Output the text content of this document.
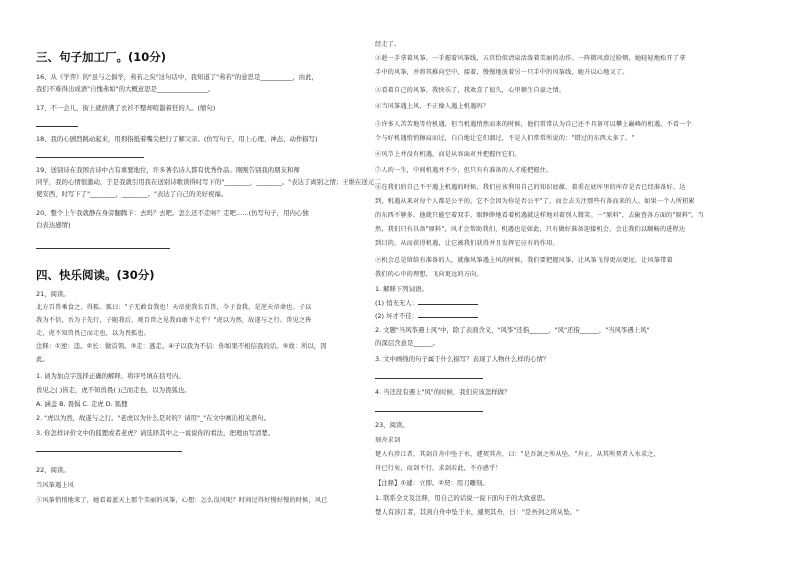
三、句子加工厂。(10分)
16、从《学弈》的"虽与之俱学，弗若之矣"这句话中，我知道了"弗若"的意思是__________，由此，
我们不难得出成语"自愧弗如"的大概意思是________________。
17、不一会儿，街上就挤满了衣衫不整却喧嚣着狂的人。(缩句)
18、我的心剧烈跳动起来，用拇指抵着嘴尖把行了解父亲。(仿写句子，用上心理、神态、动作描写)
19、送别诗在我国古诗中占有重要地位，许多著名诗人都有优秀作品。刚刚告别我的朋友和师
同学，我的心情很激动，于是我就引用我在送别诗歌读得时写下的"________，________。"表达了离别之情；王维在送元二
使安西，时写下了"________，________。"表达了自己的美好祝福。
20、整个上午我就静在身旁翻腾下：去吗？去吧。怎么还不走呀？走吧……(仿写句子，用内心独
白表达感情)
四、快乐阅读。(30分)
21、阅读。
北方百兽乘食之，得狐。狐曰："子无敢食我也！天帝使我长百兽，今子食我，是逆天帝命也。子以
我为不信，吾为子先行，子随我后，观百兽之见我而敢不走乎？"虎以为然，故遂与之行。兽见之皆
走，虎不知兽畏己而走也，以为畏狐也。
注释：①逆：违。②长：做首领。③走：逃走。④子以我为不信：你如果不相信我的话。⑤故：所以，因
此。
1. 请为加点字选择正确的解释，将序号填在括号内。
兽见之( )皆走，虎不知兽畏( )己而走也，以为畏狐也。
A. 涵盖 B. 畏惧 C. 走虎 D. 狐狸
2. "虎以为然，故遂与之行。"老虎以为什么是对的？请用"_"在文中画出相关语句。
3. 你怎样评价文中的狐狸或者老虎？请选择其中之一说说你的看法，把理由写清楚。
22、阅读。
当风筝遇上风
①风筝悄悄地来了，她看着蓝天上那个美丽的风筝，心想：怎么没风呢？时间过得好慢好慢的时候，风已
经走了。
②趁一手拿着风筝，一手握着风筝线，五官恰似清泉活泼着美丽的动作。一阵微风滑过脸颊，她轻轻地松开了拿
手中的风筝，并将其推向空中，接着，慢慢地放着另一只手中的风筝线，她升以心地又了。
③看着自己的风筝，我快乐了，我欢喜了很久，心里顿生自豪之情。
④当风筝遇上风，不正像人遇上机遇吗？
⑤许多人苦苦地等待机遇，但当机遇悄然而来的时候，他们常常认为自己还不具备可以攀上巅峰的机遇，不看一个
个与好机遇悄悄擦肩而过，白白地让它们溜过，不是人们常常所说的："错过的东西太多了。"
⑥风节上并没有机遇，而是从容面对并把握住它们。
⑦人的一生，中间机遇并不少，但只有有准备的人才能把握住。
⑧在我们的自己不平遇上机遇的时候，我们应该利用自己的知识底蕴，着重在底库里的库存是否已经准备好。达
到，机遇从来对每个人都是公平的，它不会因为你是否公平"了，而会去关注那些有备而来的人。如果一个人所积累
的东西不够多，他就只能空着双手，眼睁睁地看着机遇就这样地对着别人微笑。一"原料"，去偷查各方面的"原料"。当
然，我们只有具备"原料"，风才会帮助我们，机遇也是如此，只有做好准备迎接机会，会让我们以顺畅的进程达
到目的，从而获得机遇，让它被我们获得并且发挥它应有的作用。
⑨机会总是留给有准备的人，就像风筝遇上风的时候，我们要把握风筝，让风筝飞得更高更远，让风筝带着
我们的心中的理想，飞向更远的方向。
1. 解释下列词语。
(1) 悄无无人：
(2) 坏才不佳：
2. 文题"当风筝遇上风"中，除了表面含义，"风筝"还指______，"风"还指______，"当风筝遇上风"
的深层含意是______。
3. 文中画线的句子属于什么描写？表现了人物什么样的心情？
4. 当还没有遇上"风"的时候，我们应该怎样做？
23、阅读。
刻舟求剑
楚人有涉江者，其剑自舟中坠于水，遽契其舟，曰："是吾剑之所从坠。"舟止，从其所契者入水求之，
舟已行矣，而剑不行，求剑若此，不亦惑乎！
【注释】①遽：立即。②契：用刀雕刻。
1. 联系全文及注释，用自己的话说一说下面句子的大致意思。
楚人有涉江者，其剑自舟中坠于水，遽契其舟，曰："是吾剑之所从坠。"
